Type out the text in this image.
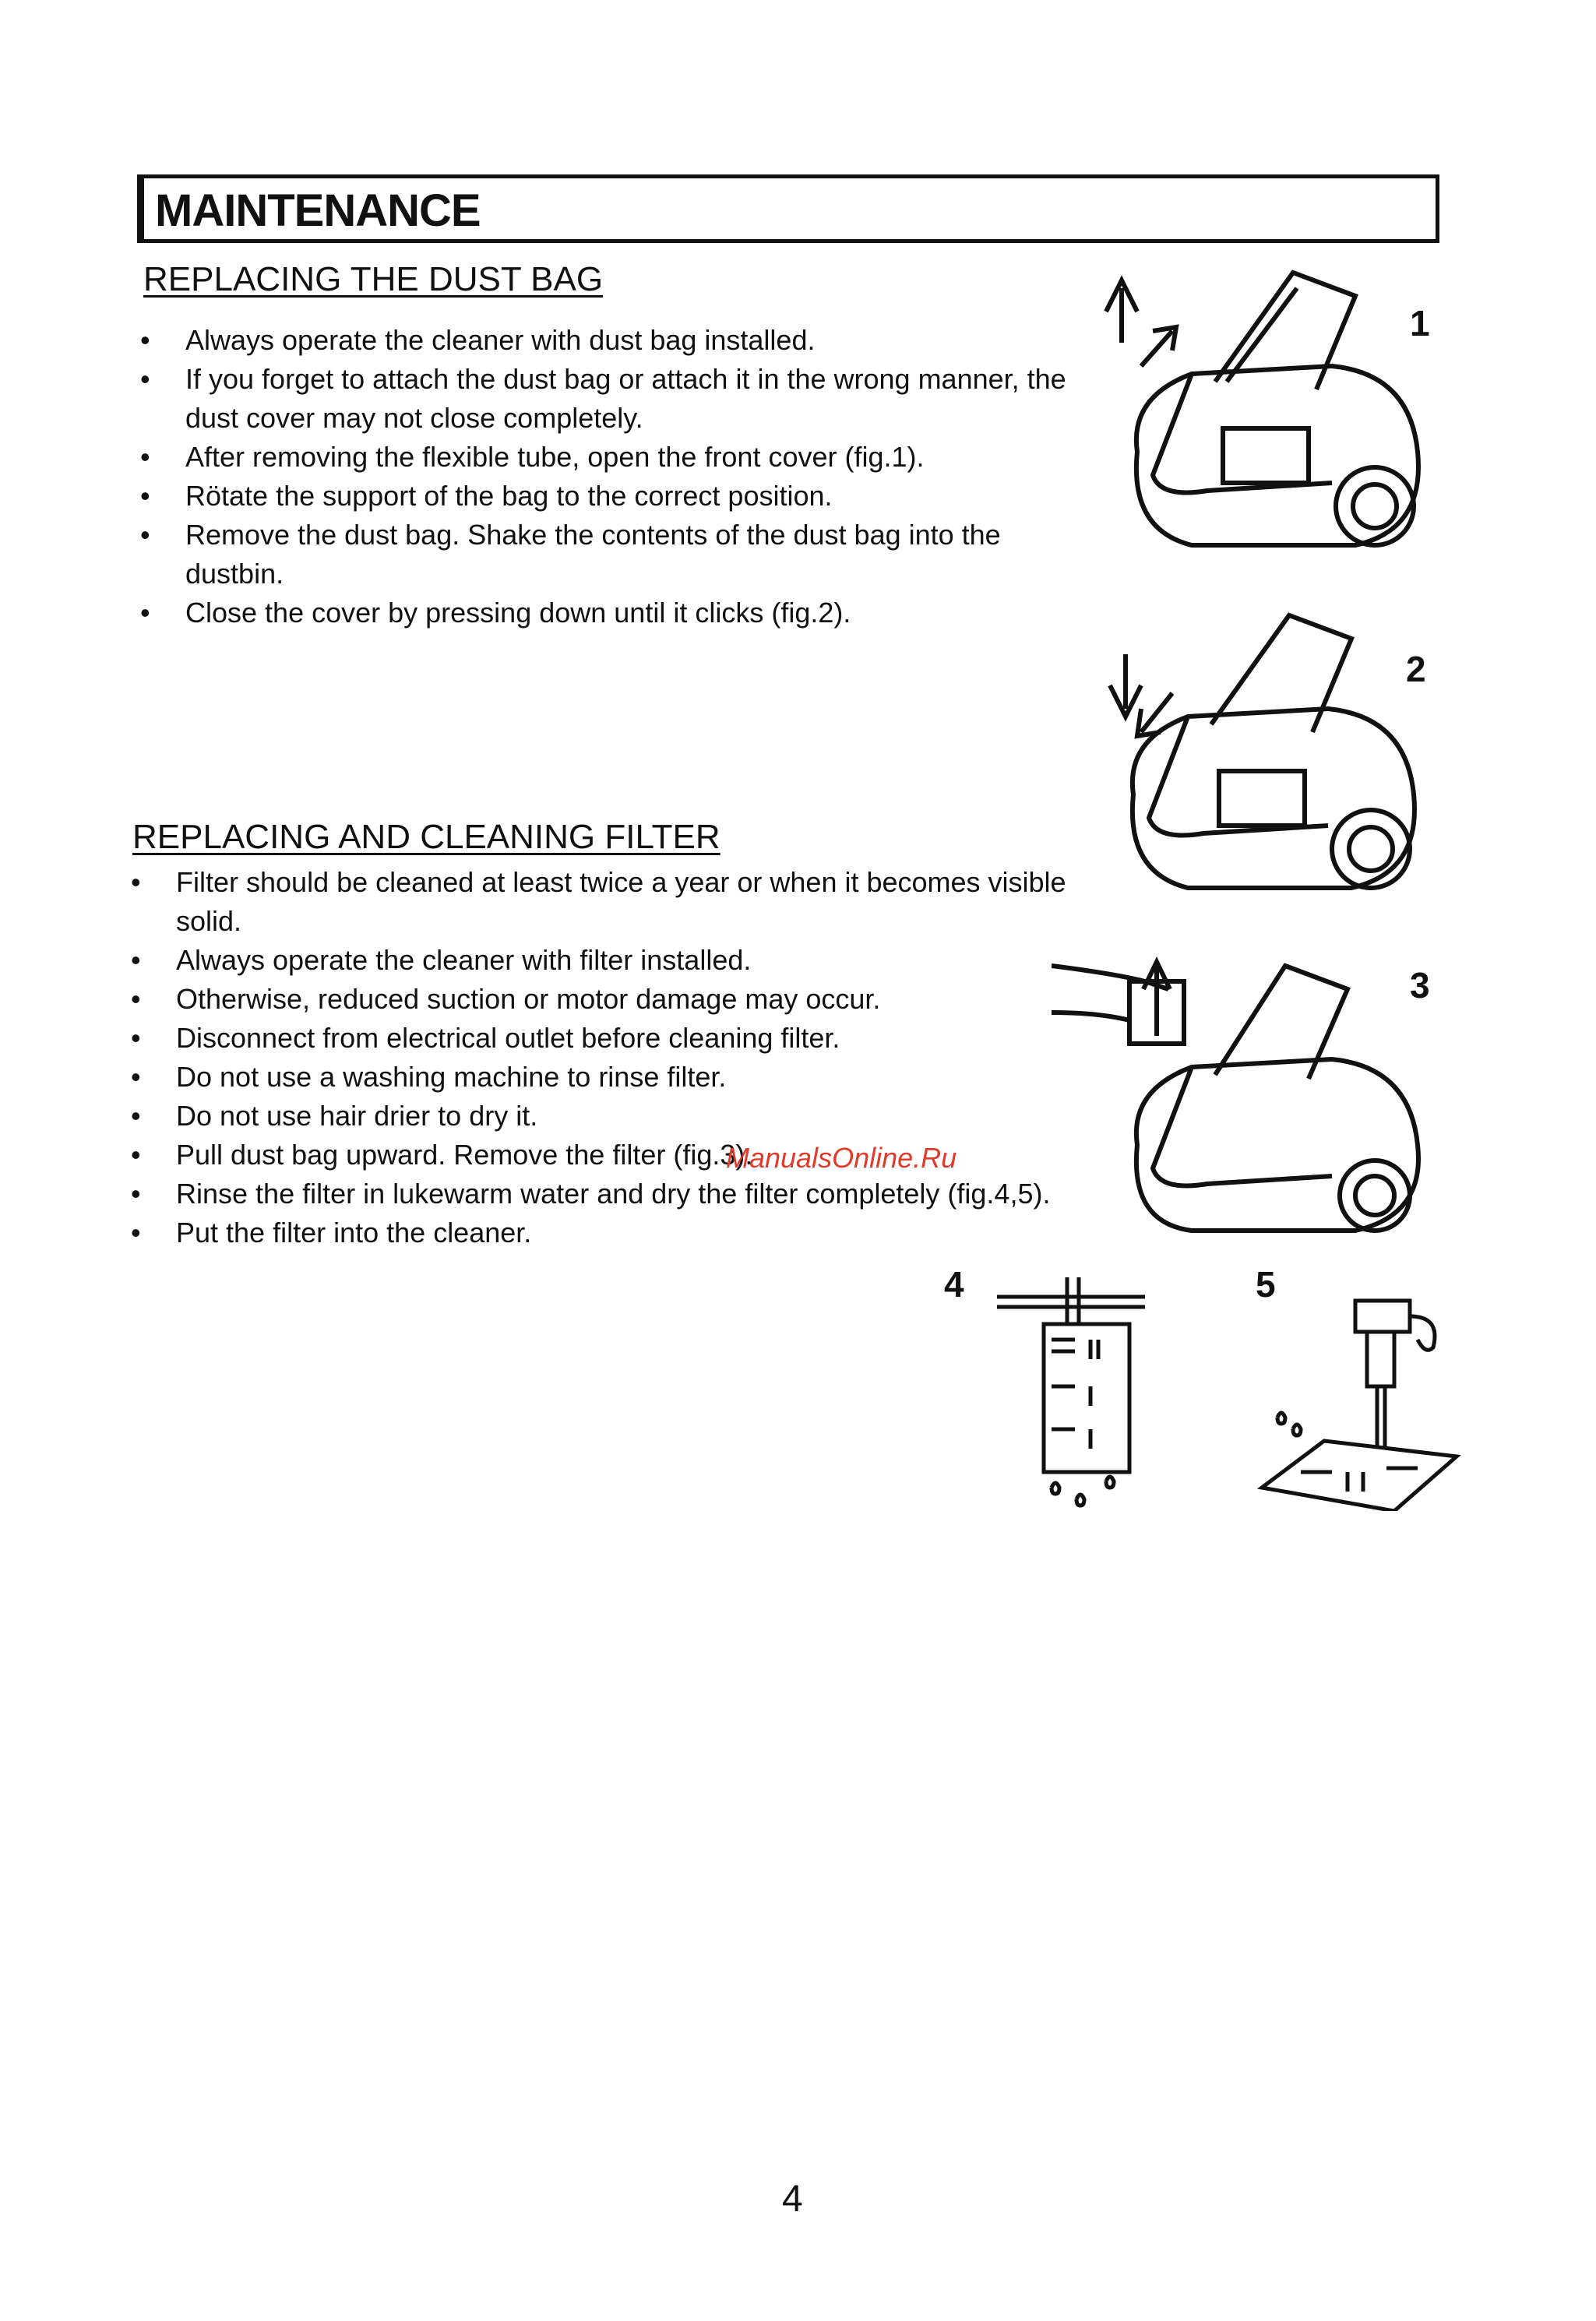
MAINTENANCE
REPLACING THE DUST BAG
• Always operate the cleaner with dust bag installed.
• If you forget to attach the dust bag or attach it in the wrong manner, the dust cover may not close completely.
• After removing the flexible tube, open the front cover (fig.1).
• Rötate the support of the bag to the correct position.
• Remove the dust bag. Shake the contents of the dust bag into the dustbin.
• Close the cover by pressing down until it clicks (fig.2).
REPLACING AND CLEANING FILTER
• Filter should be cleaned at least twice a year or when it becomes visible solid.
• Always operate the cleaner with filter installed.
• Otherwise, reduced suction or motor damage may occur.
• Disconnect from electrical outlet before cleaning filter.
• Do not use a washing machine to rinse filter.
• Do not use hair drier to dry it.
• Pull dust bag upward. Remove the filter (fig.3).
• Rinse the filter in lukewarm water and dry the filter completely (fig.4,5).
• Put the filter into the cleaner.
1
2
3
4	5
ManualsOnline.Ru
4
